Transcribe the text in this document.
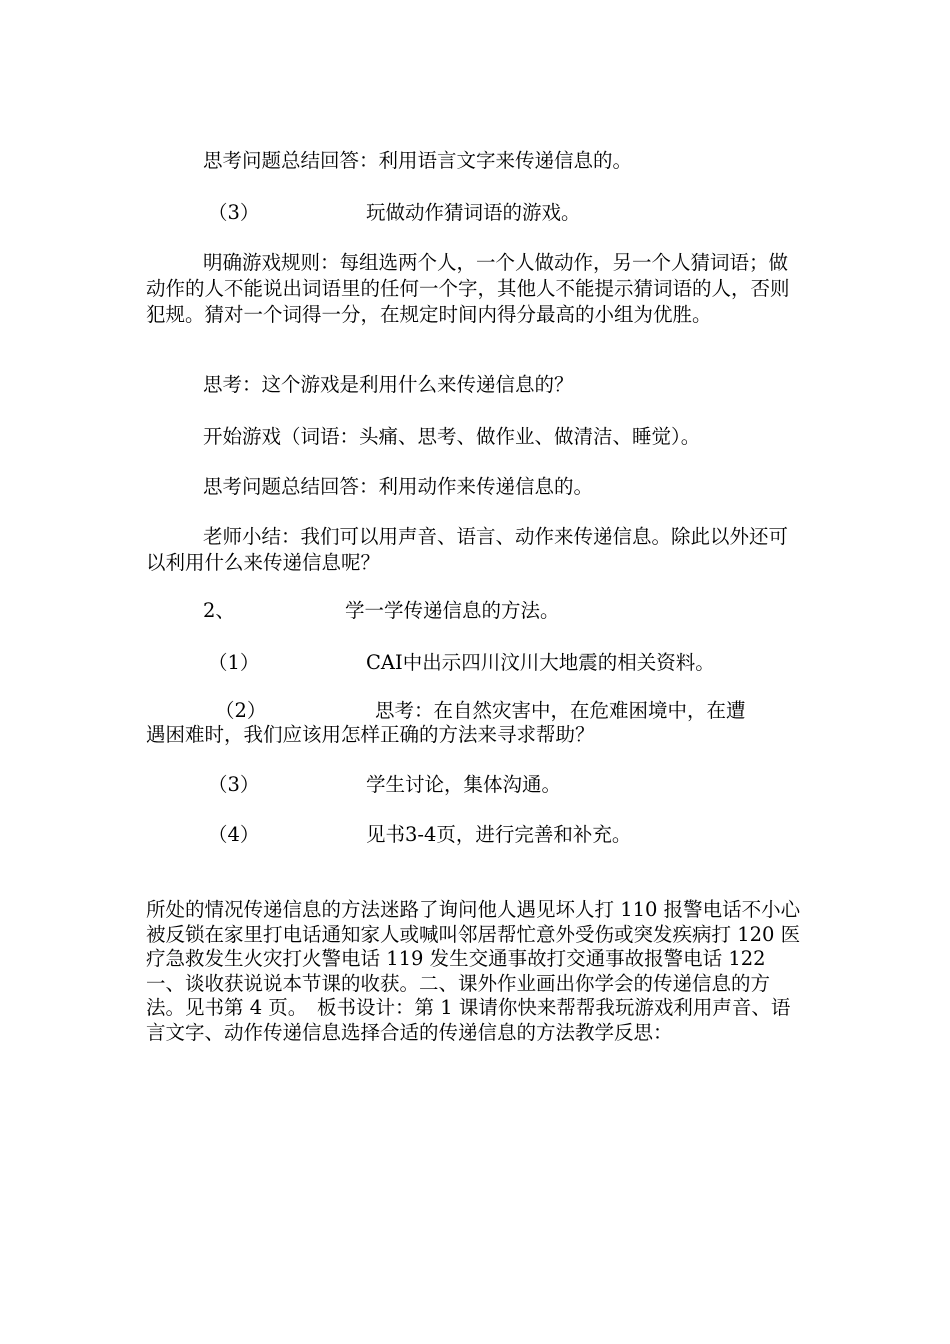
思考问题总结回答：利用语言文字来传递信息的。

（3）	玩做动作猜词语的游戏。

明确游戏规则：每组选两个人，一个人做动作，另一个人猜词语；做动作的人不能说出词语里的任何一个字，其他人不能提示猜词语的人，否则犯规。猜对一个词得一分，在规定时间内得分最高的小组为优胜。

思考：这个游戏是利用什么来传递信息的？

开始游戏（词语：头痛、思考、做作业、做清洁、睡觉）。

思考问题总结回答：利用动作来传递信息的。

老师小结：我们可以用声音、语言、动作来传递信息。除此以外还可以利用什么来传递信息呢？

2、	学一学传递信息的方法。
（1）	CAI中出示四川汶川大地震的相关资料。
（2）	思考：在自然灾害中，在危难困境中，在遭

遇困难时，我们应该用怎样正确的方法来寻求帮助？

（3）	学生讨论，集体沟通。
（4）	见书3-4页，进行完善和补充。

所处的情况传递信息的方法迷路了询问他人遇见坏人打 110 报警电话不小心被反锁在家里打电话通知家人或喊叫邻居帮忙意外受伤或突发疾病打 120 医疗急救发生火灾打火警电话 119 发生交通事故打交通事故报警电话 122　一、谈收获说说本节课的收获。二、课外作业画出你学会的传递信息的方法。见书第 4 页。　板书设计：第 1 课请你快来帮帮我玩游戏利用声音、语言文字、动作传递信息选择合适的传递信息的方法教学反思：
